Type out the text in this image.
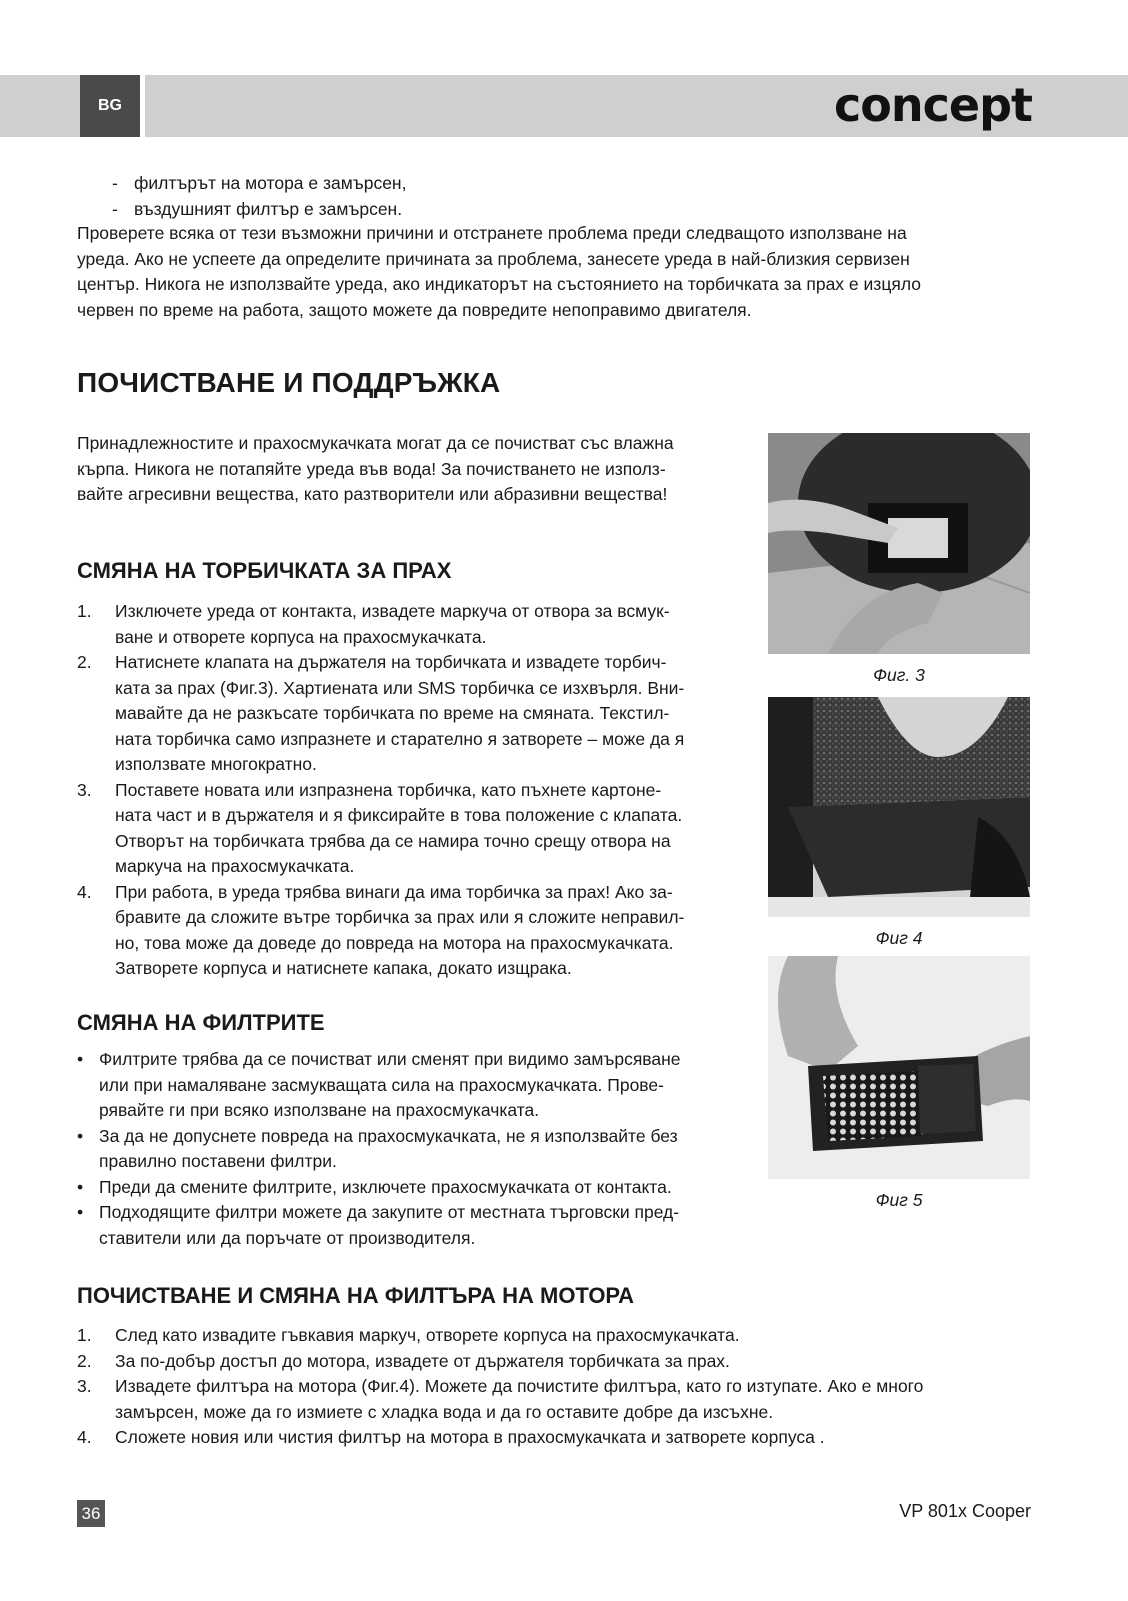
BG	concept
- филтърът на мотора е замърсен,
- въздушният филтър е замърсен.
Проверете всяка от тези възможни причини и отстранете проблема преди следващото използване на
уреда. Ако не успеете да определите причината за проблема, занесете уреда в най-близкия сервизен
център. Никога не използвайте уреда, ако индикаторът на състоянието на торбичката за прах е изцяло
червен по време на работа, защото можете да повредите непоправимо двигателя.
ПОЧИСТВАНЕ И ПОДДРЪЖКА
Принадлежностите и прахосмукачката могат да се почистват със влажна
кърпа. Никога не потапяйте уреда във вода! За почистването не използ-
вайте агресивни вещества, като разтворители или абразивни вещества!
СМЯНА НА ТОРБИЧКАТА ЗА ПРАХ
1. Изключете уреда от контакта, извадете маркуча от отвора за всмук-
ване и отворете корпуса на прахосмукачката.
2. Натиснете клапата на държателя на торбичката и извадете торбич-
ката за прах (Фиг.3). Хартиената или SMS торбичка се изхвърля. Вни-
мавайте да не разкъсате торбичката по време на смяната. Текстил-
ната торбичка само изпразнете и старателно я затворете – може да я
използвате многократно.
3. Поставете новата или изпразнена торбичка, като пъхнете картоне-
ната част и в държателя и я фиксирайте в това положение с клапата.
Отворът на торбичката трябва да се намира точно срещу отвора на
маркуча на прахосмукачката.
4. При работа, в уреда трябва винаги да има торбичка за прах! Ако за-
бравите да сложите вътре торбичка за прах или я сложите неправил-
но, това може да доведе до повреда на мотора на прахосмукачката.
Затворете корпуса и натиснете капака, докато изщрака.
СМЯНА НА ФИЛТРИТЕ
• Филтрите трябва да се почистват или сменят при видимо замърсяване
или при намаляване засмукващата сила на прахосмукачката. Прове-
рявайте ги при всяко използване на прахосмукачката.
• За да не допуснете повреда на прахосмукачката, не я използвайте без
правилно поставени филтри.
• Преди да смените филтрите, изключете прахосмукачката от контакта.
• Подходящите филтри можете да закупите от местната търговски пред-
ставители или да поръчате от производителя.
ПОЧИСТВАНЕ И СМЯНА НА ФИЛТЪРА НА МОТОРА
1. След като извадите гъвкавия маркуч, отворете корпуса на прахосмукачката.
2. За по-добър достъп до мотора, извадете от държателя торбичката за прах.
3. Извадете филтъра на мотора (Фиг.4). Можете да почистите филтъра, като го изтупате. Ако е много
замърсен, може да го измиете с хладка вода и да го оставите добре да изсъхне.
4. Сложете новия или чистия филтър на мотора в прахосмукачката и затворете корпуса .
Фиг. 3
Фиг 4
Фиг 5
36	VP 801x Cooper
